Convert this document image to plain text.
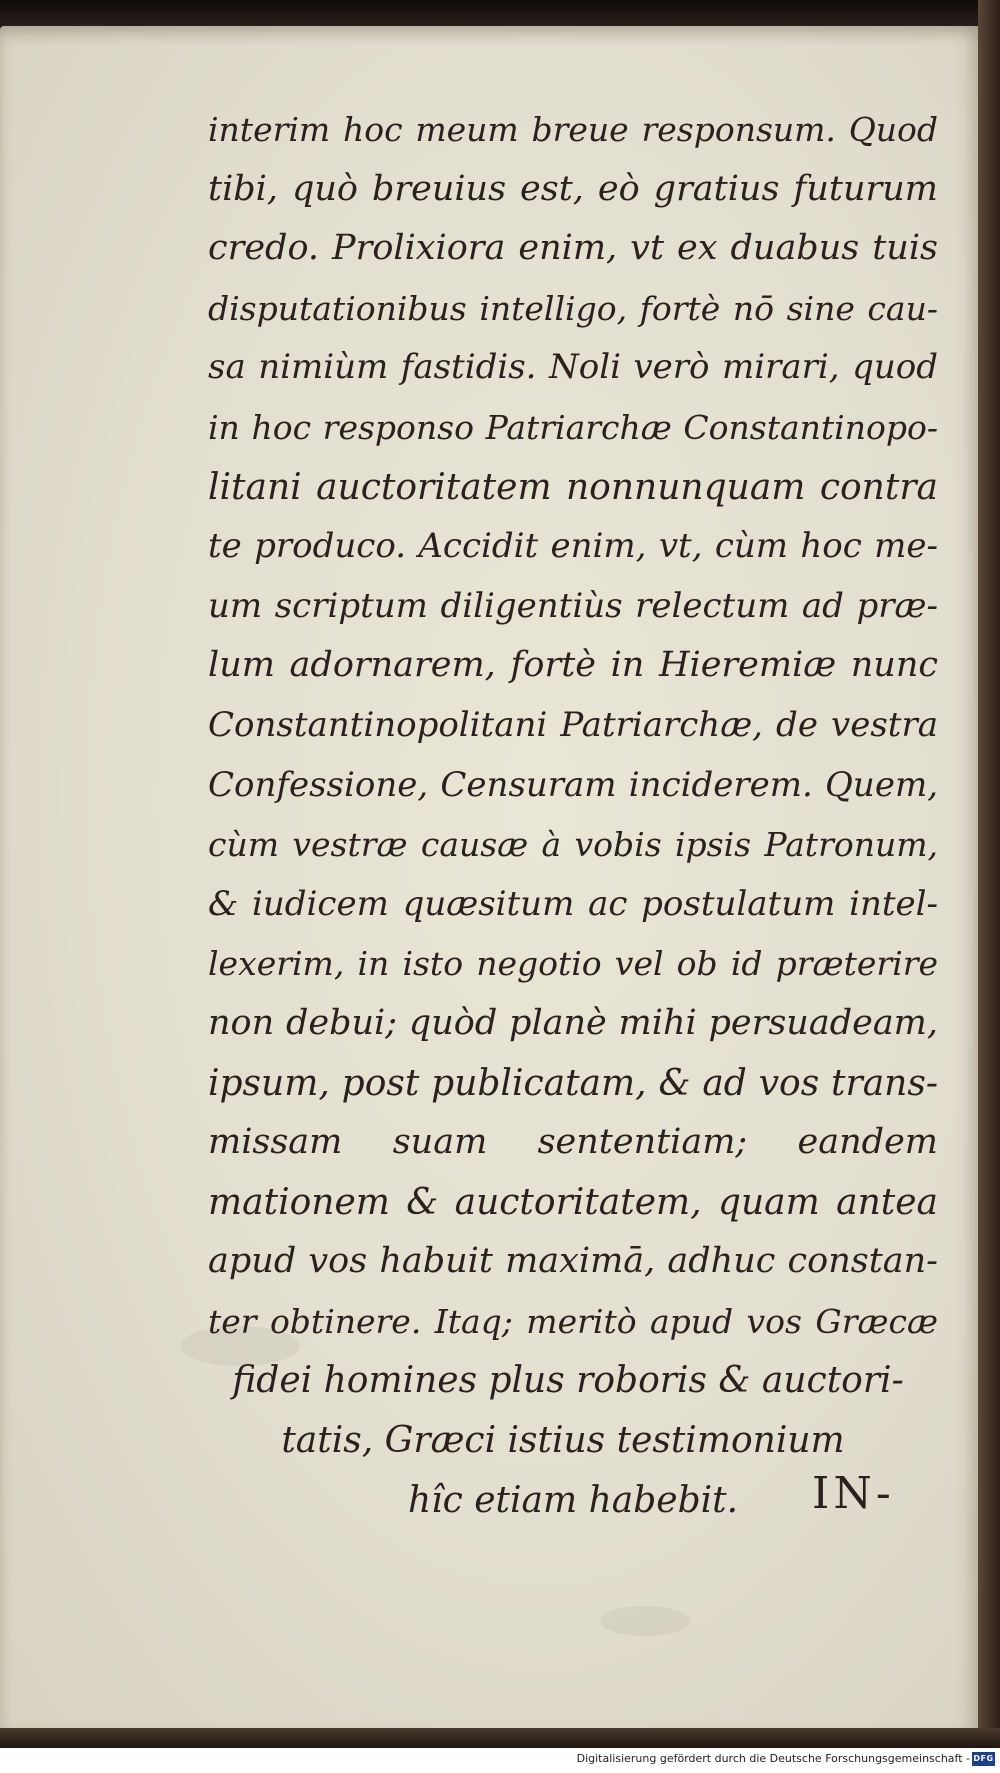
interim hoc meum breue responsum. Quod
tibi, quò breuius est, eò gratius futurum
credo. Prolixiora enim, vt ex duabus tuis
disputationibus intelligo, fortè nō sine cau-
sa nimiùm fastidis. Noli verò mirari, quod
in hoc responso Patriarchæ Constantinopo-
litani auctoritatem nonnunquam contra
te produco. Accidit enim, vt, cùm hoc me-
um scriptum diligentiùs relectum ad præ-
lum adornarem, fortè in Hieremiæ nunc
Constantinopolitani Patriarchæ, de vestra
Confessione, Censuram inciderem. Quem,
cùm vestræ causæ à vobis ipsis Patronum,
& iudicem quæsitum ac postulatum intel-
lexerim, in isto negotio vel ob id præterire
non debui; quòd planè mihi persuadeam,
ipsum, post publicatam, & ad vos trans-
missam suam sententiam; eandem
mationem & auctoritatem, quam antea
apud vos habuit maximā, adhuc constan-
ter obtinere. Itaq; meritò apud vos Græcæ
fidei homines plus roboris & auctori-
tatis, Græci istius testimonium
hîc etiam habebit.	IN-
Digitalisierung gefördert durch die Deutsche Forschungsgemeinschaft - DFG
